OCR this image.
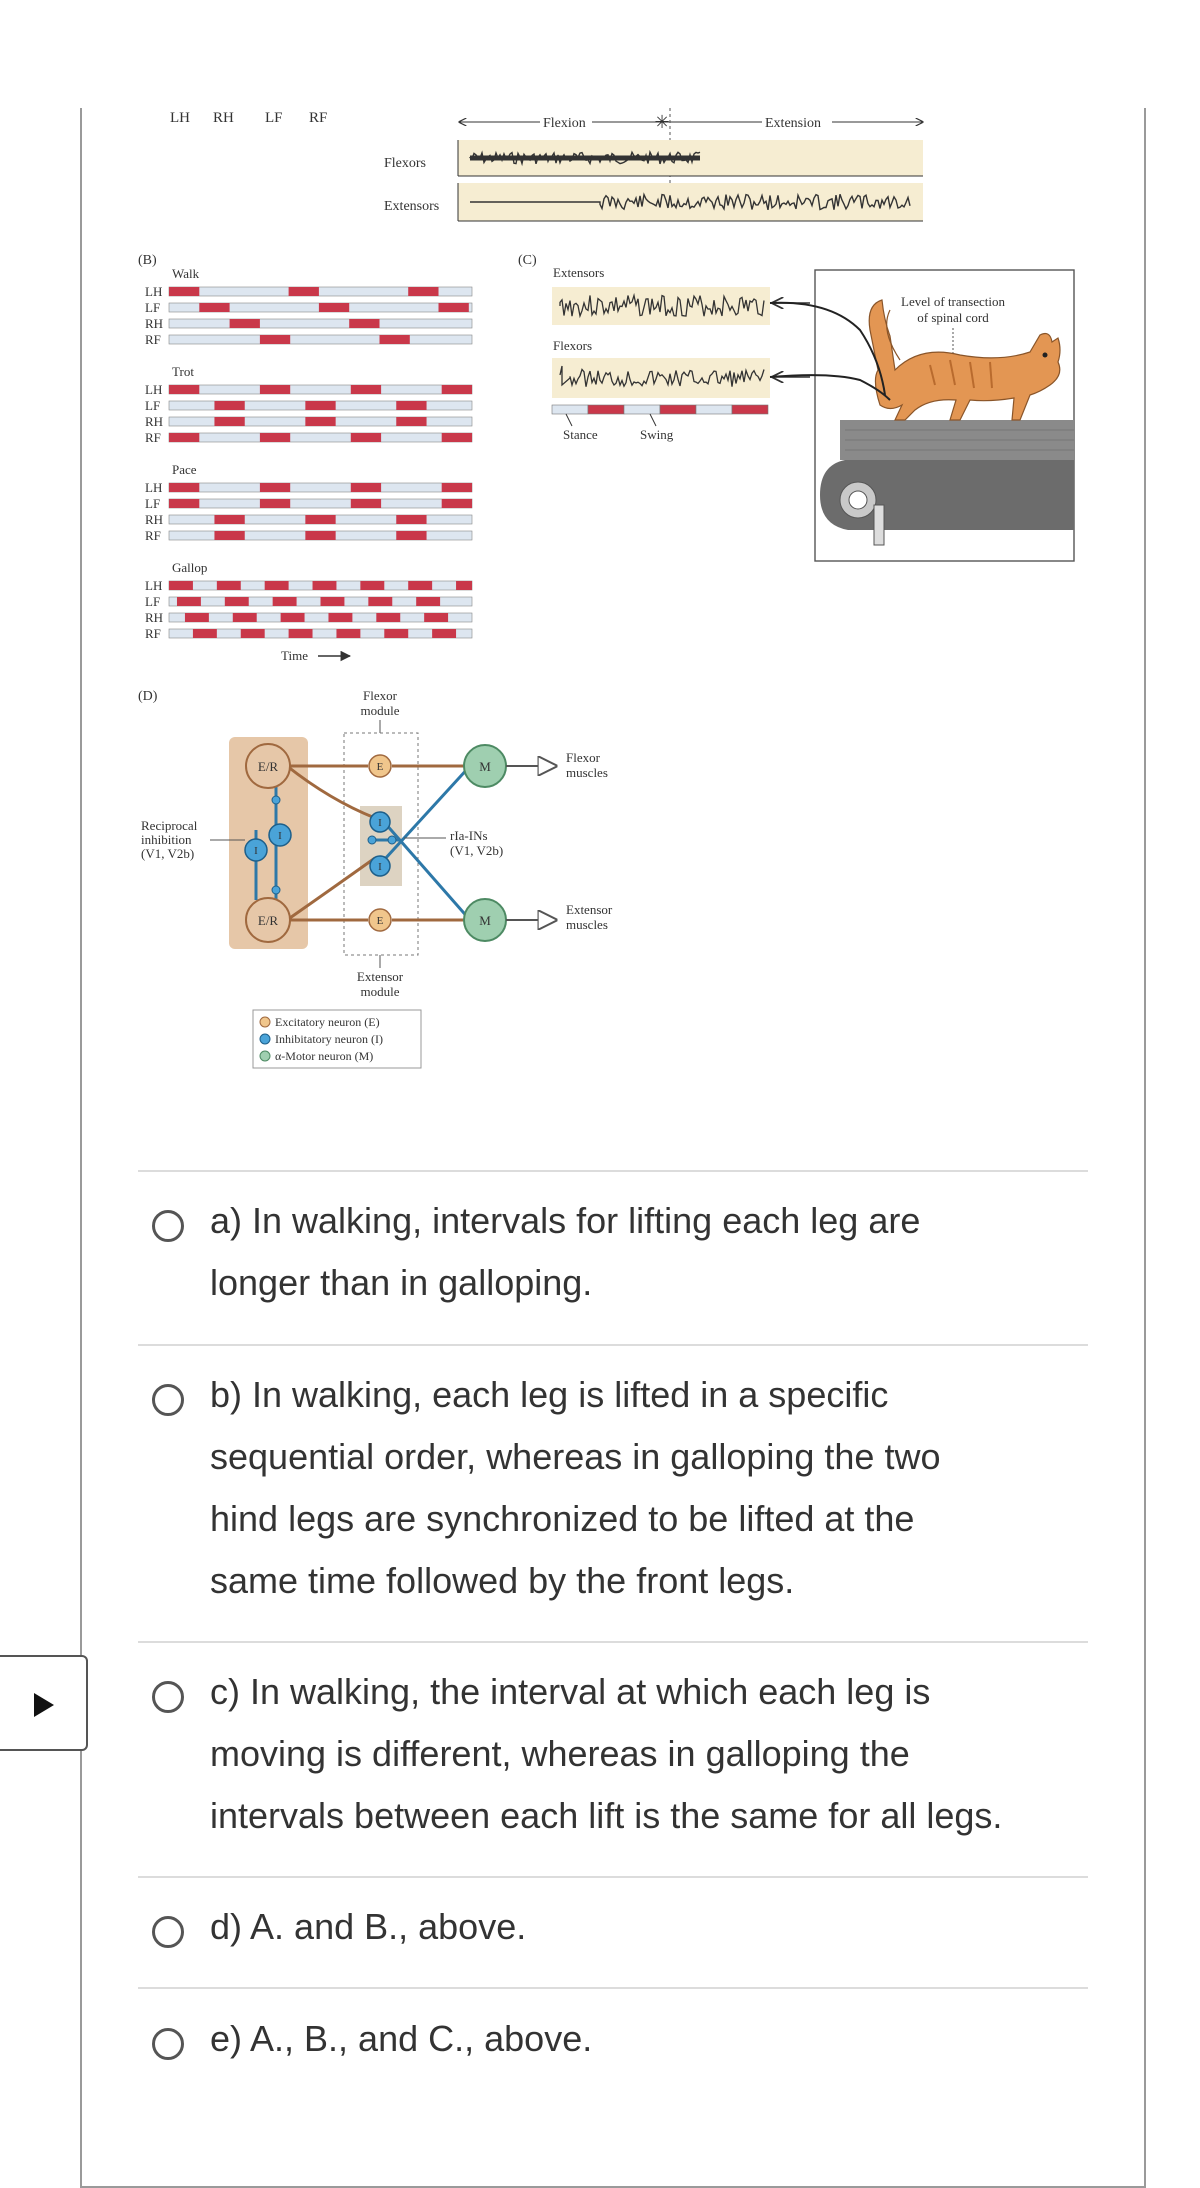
LH RH LF RF	Flexion	✳	Extension
Flexors
Extensors
(B)
Walk
Trot
Pace
Gallop
Time
LH
LF
RH
RF
LH
LF
RH
RF
LH
LF
RH
RF
LH
LF
RH
RF
(C)
Extensors
Flexors
Stance	Swing
Level of transection
of spinal cord
(D)	Flexor
module
E/R
E/R
E
E
I
I
I
I
M
M
Flexor
muscles
Extensor
muscles
Reciprocal
inhibition
(V1, V2b)
rIa-INs
(V1, V2b)
Extensor
module
Excitatory neuron (E)
Inhibitatory neuron (I)
α-Motor neuron (M)
a) In walking, intervals for lifting each leg are
longer than in galloping.
b) In walking, each leg is lifted in a specific
sequential order, whereas in galloping the two
hind legs are synchronized to be lifted at the
same time followed by the front legs.
c) In walking, the interval at which each leg is
moving is different, whereas in galloping the
intervals between each lift is the same for all legs.
d) A. and B., above.
e) A., B., and C., above.
